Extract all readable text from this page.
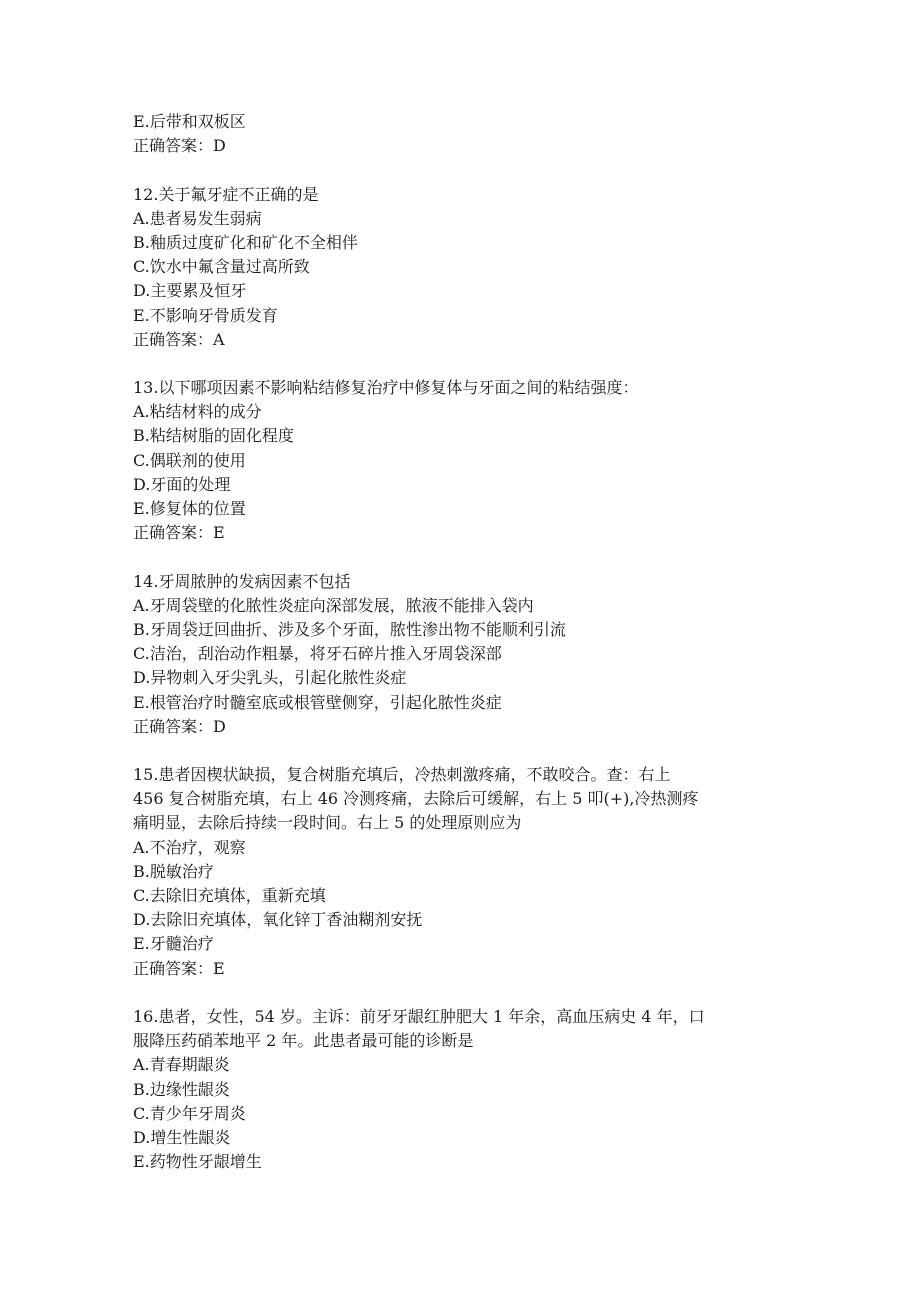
E.后带和双板区
正确答案：D
12.关于氟牙症不正确的是
A.患者易发生弱病
B.釉质过度矿化和矿化不全相伴
C.饮水中氟含量过高所致
D.主要累及恒牙
E.不影响牙骨质发育
正确答案：A
13.以下哪项因素不影响粘结修复治疗中修复体与牙面之间的粘结强度：
A.粘结材料的成分
B.粘结树脂的固化程度
C.偶联剂的使用
D.牙面的处理
E.修复体的位置
正确答案：E
14.牙周脓肿的发病因素不包括
A.牙周袋壁的化脓性炎症向深部发展，脓液不能排入袋内
B.牙周袋迂回曲折、涉及多个牙面，脓性渗出物不能顺利引流
C.洁治，刮治动作粗暴，将牙石碎片推入牙周袋深部
D.异物刺入牙尖乳头，引起化脓性炎症
E.根管治疗时髓室底或根管壁侧穿，引起化脓性炎症
正确答案：D
15.患者因楔状缺损，复合树脂充填后，冷热刺激疼痛，不敢咬合。查：右上
456 复合树脂充填，右上 46 冷测疼痛，去除后可缓解，右上 5 叩(+),冷热测疼
痛明显，去除后持续一段时间。右上 5 的处理原则应为
A.不治疗，观察
B.脱敏治疗
C.去除旧充填体，重新充填
D.去除旧充填体，氧化锌丁香油糊剂安抚
E.牙髓治疗
正确答案：E
16.患者，女性，54 岁。主诉：前牙牙龈红肿肥大 1 年余，高血压病史 4 年，口
服降压药硝苯地平 2 年。此患者最可能的诊断是
A.青春期龈炎
B.边缘性龈炎
C.青少年牙周炎
D.增生性龈炎
E.药物性牙龈增生
